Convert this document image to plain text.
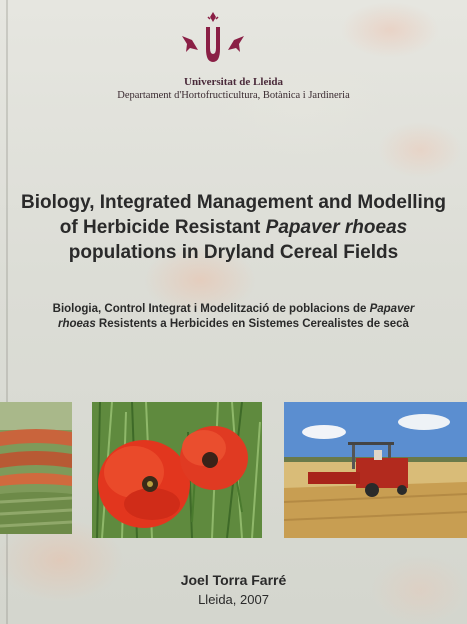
Universitat de Lleida
Departament d'Hortofructicultura, Botànica i Jardineria
Biology, Integrated Management and Modelling
of Herbicide Resistant Papaver rhoeas
populations in Dryland Cereal Fields
Biologia, Control Integrat i Modelització de poblacions de Papaver
rhoeas Resistents a Herbicides en Sistemes Cerealistes de secà
Joel Torra Farré
Lleida, 2007
